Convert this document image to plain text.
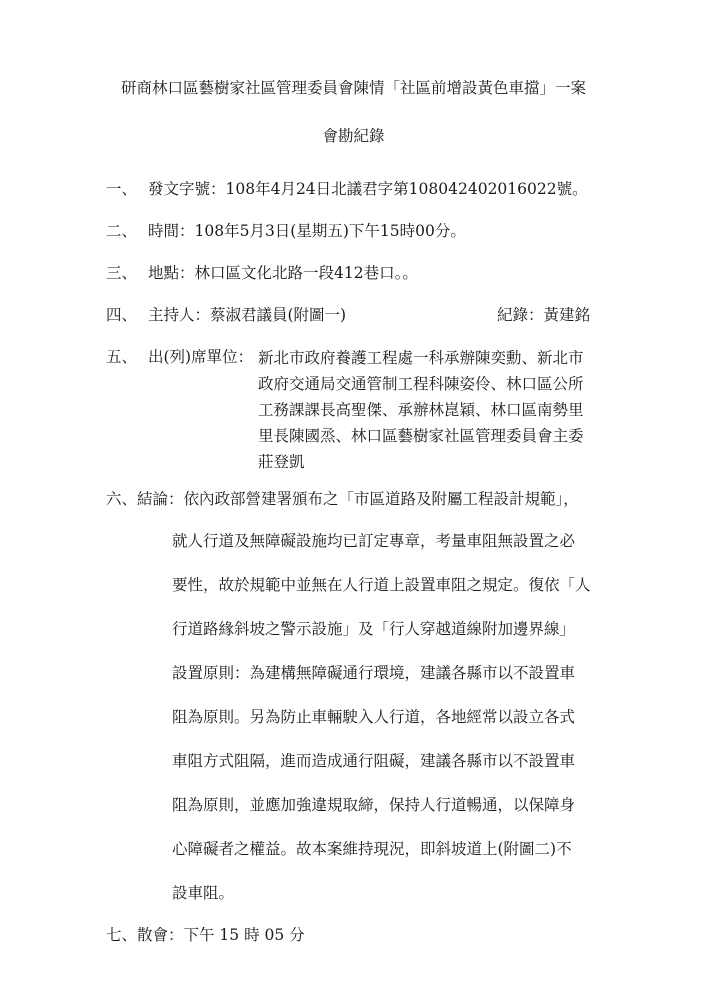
研商林口區藝樹家社區管理委員會陳情「社區前增設黃色車擋」一案
會勘紀錄
一、 發文字號：108年4月24日北議君字第108042402016022號。
二、 時間：108年5月3日(星期五)下午15時00分。
三、 地點：林口區文化北路一段412巷口。。
四、 主持人：蔡淑君議員(附圖一)	紀錄：黃建銘
五、 出(列)席單位： 新北市政府養護工程處一科承辦陳奕勳、新北市
政府交通局交通管制工程科陳姿伶、林口區公所
工務課課長高聖傑、承辦林崑穎、林口區南勢里
里長陳國烝、林口區藝樹家社區管理委員會主委
莊登凱
六、結論：依內政部營建署頒布之「市區道路及附屬工程設計規範」，
就人行道及無障礙設施均已訂定專章，考量車阻無設置之必
要性，故於規範中並無在人行道上設置車阻之規定。復依「人
行道路緣斜坡之警示設施」及「行人穿越道線附加邊界線」
設置原則：為建構無障礙通行環境，建議各縣市以不設置車
阻為原則。另為防止車輛駛入人行道，各地經常以設立各式
車阻方式阻隔，進而造成通行阻礙，建議各縣市以不設置車
阻為原則，並應加強違規取締，保持人行道暢通，以保障身
心障礙者之權益。故本案維持現況，即斜坡道上(附圖二)不
設車阻。
七、散會：下午 15 時 05 分
